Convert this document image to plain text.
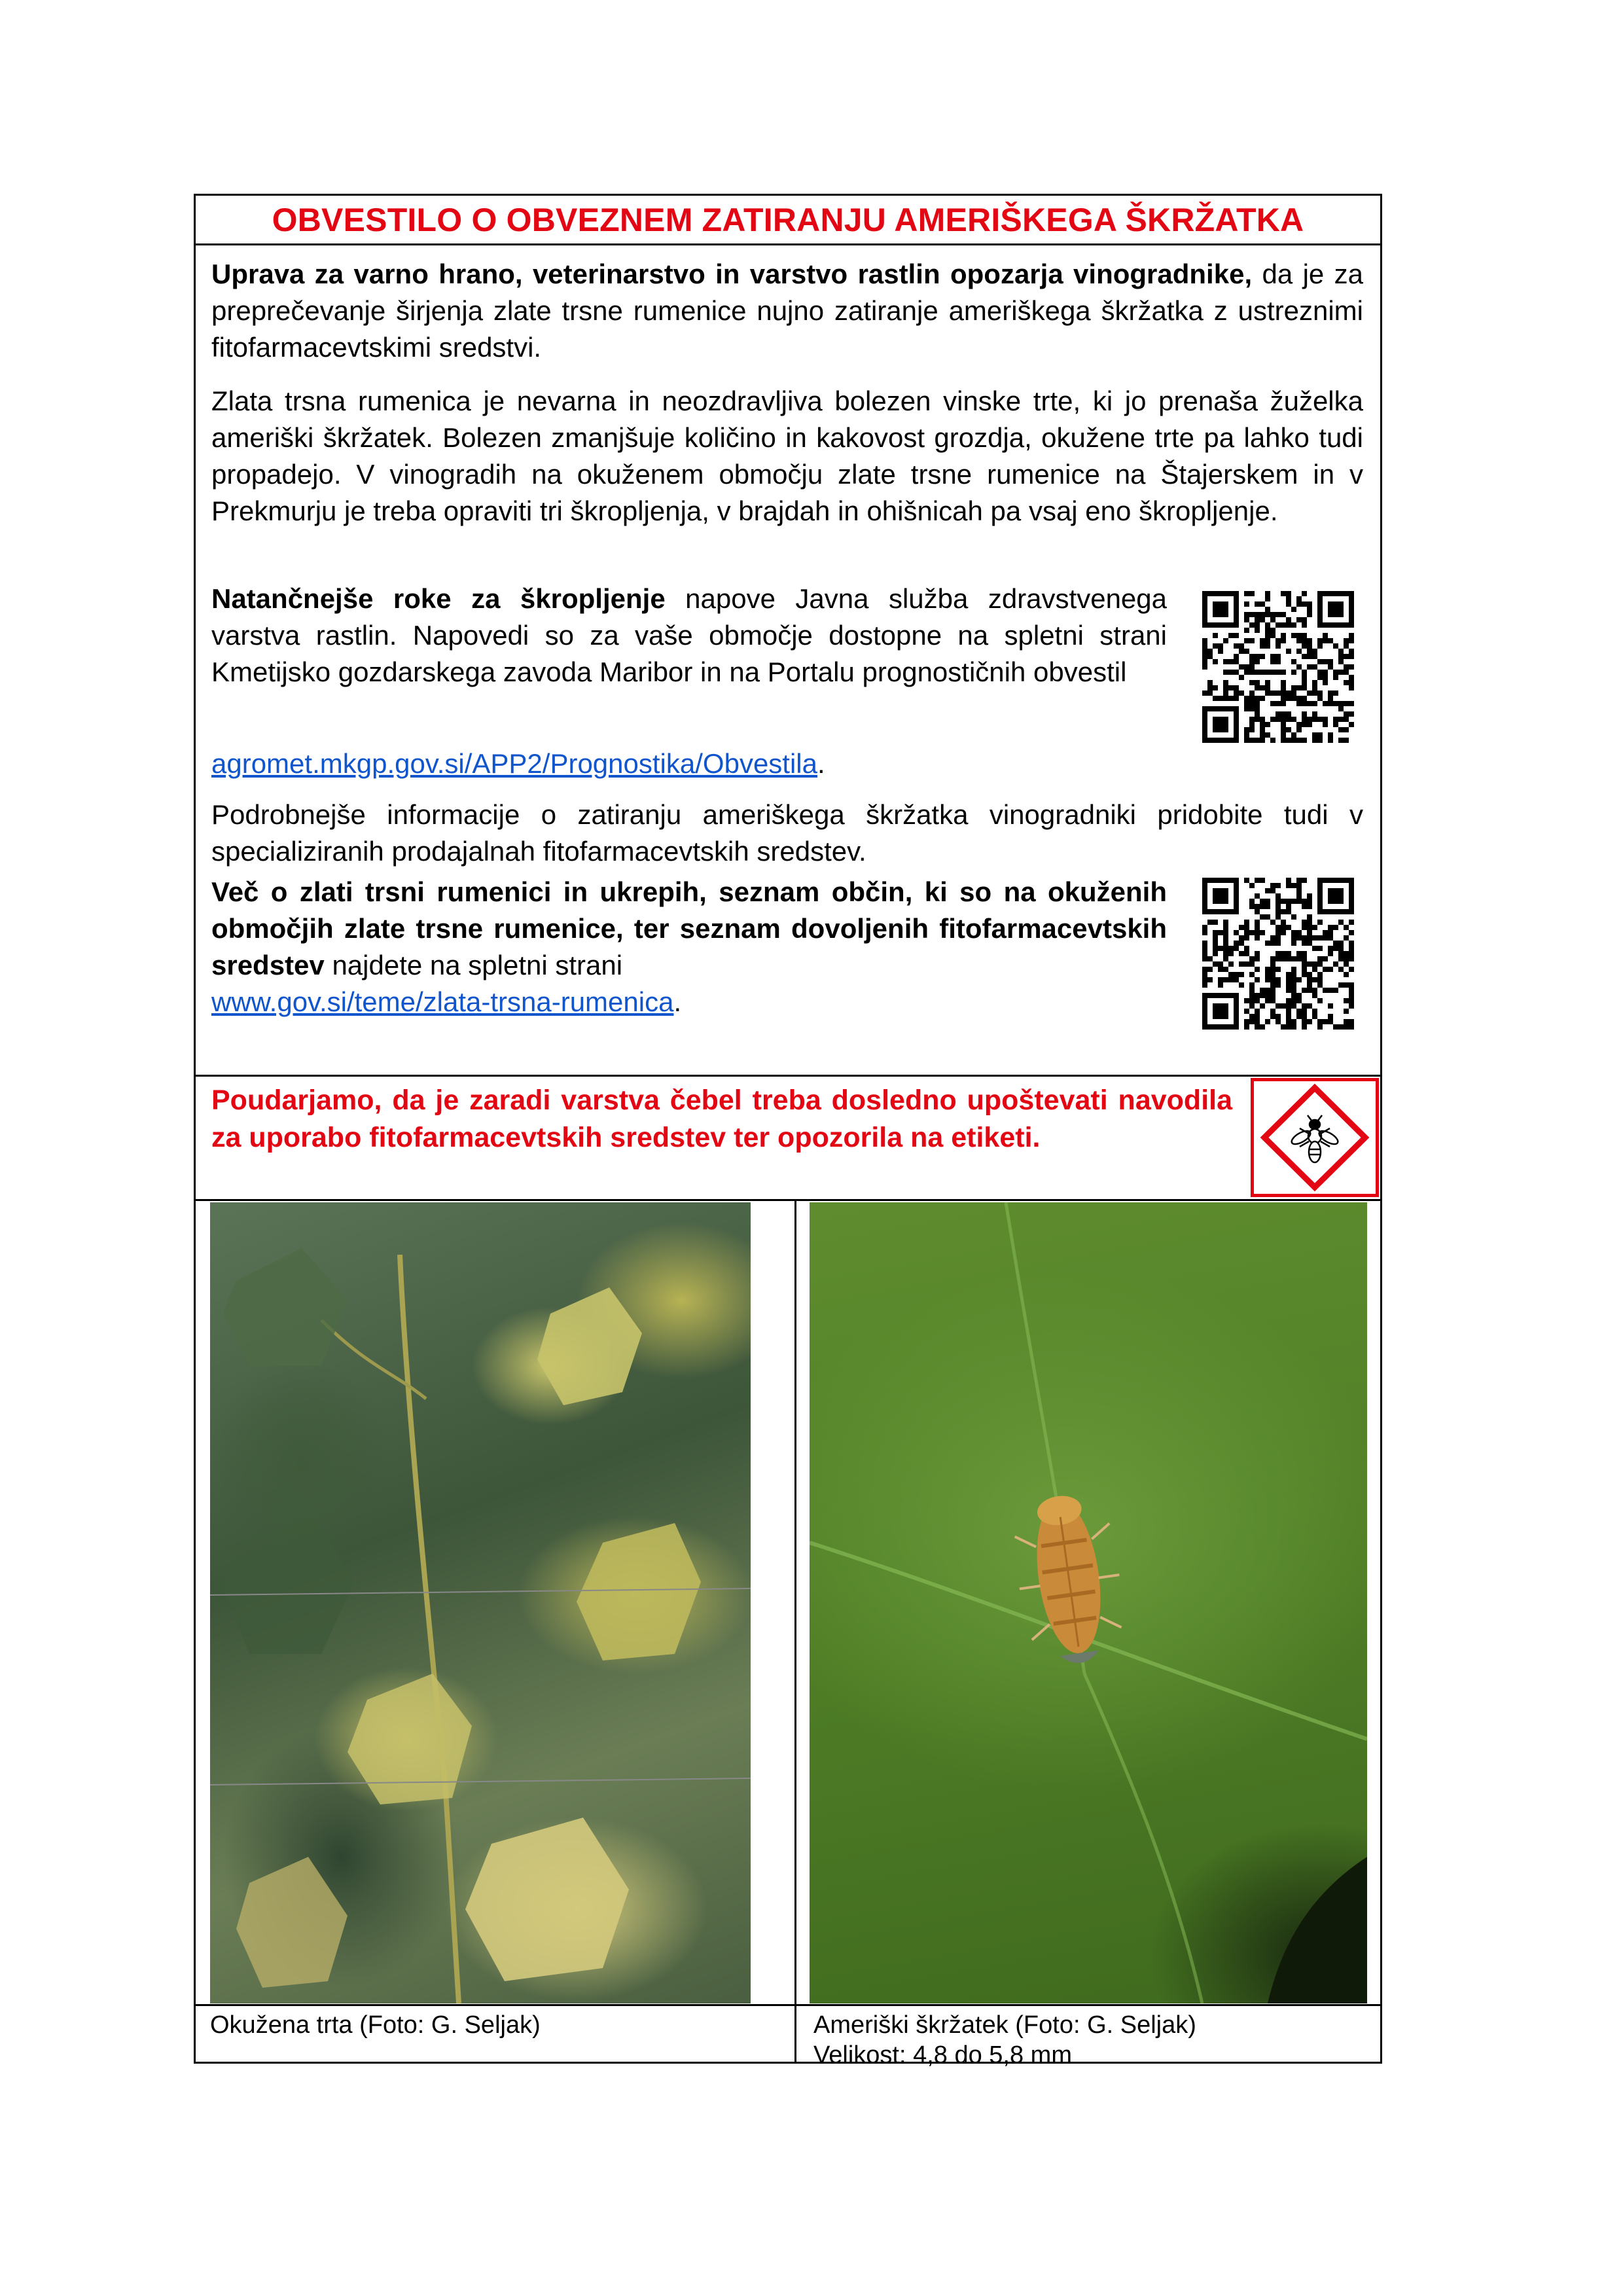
OBVESTILO O OBVEZNEM ZATIRANJU AMERIŠKEGA ŠKRŽATKA

Uprava za varno hrano, veterinarstvo in varstvo rastlin opozarja vinogradnike, da je za preprečevanje širjenja zlate trsne rumenice nujno zatiranje ameriškega škržatka z ustreznimi fitofarmacevtskimi sredstvi.

Zlata trsna rumenica je nevarna in neozdravljiva bolezen vinske trte, ki jo prenaša žuželka ameriški škržatek. Bolezen zmanjšuje količino in kakovost grozdja, okužene trte pa lahko tudi propadejo. V vinogradih na okuženem območju zlate trsne rumenice na Štajerskem in v Prekmurju je treba opraviti tri škropljenja, v brajdah in ohišnicah pa vsaj eno škropljenje.

Natančnejše roke za škropljenje napove Javna služba zdravstvenega varstva rastlin. Napovedi so za vaše območje dostopne na spletni strani Kmetijsko gozdarskega zavoda Maribor in na Portalu prognostičnih obvestil

agromet.mkgp.gov.si/APP2/Prognostika/Obvestila.

Podrobnejše informacije o zatiranju ameriškega škržatka vinogradniki pridobite tudi v specializiranih prodajalnah fitofarmacevtskih sredstev.

Več o zlati trsni rumenici in ukrepih, seznam občin, ki so na okuženih območjih zlate trsne rumenice, ter seznam dovoljenih fitofarmacevtskih sredstev najdete na spletni strani
www.gov.si/teme/zlata-trsna-rumenica.

Poudarjamo, da je zaradi varstva čebel treba dosledno upoštevati navodila za uporabo fitofarmacevtskih sredstev ter opozorila na etiketi.

Okužena trta (Foto: G. Seljak)	Ameriški škržatek (Foto: G. Seljak)
Velikost: 4,8 do 5,8 mm
